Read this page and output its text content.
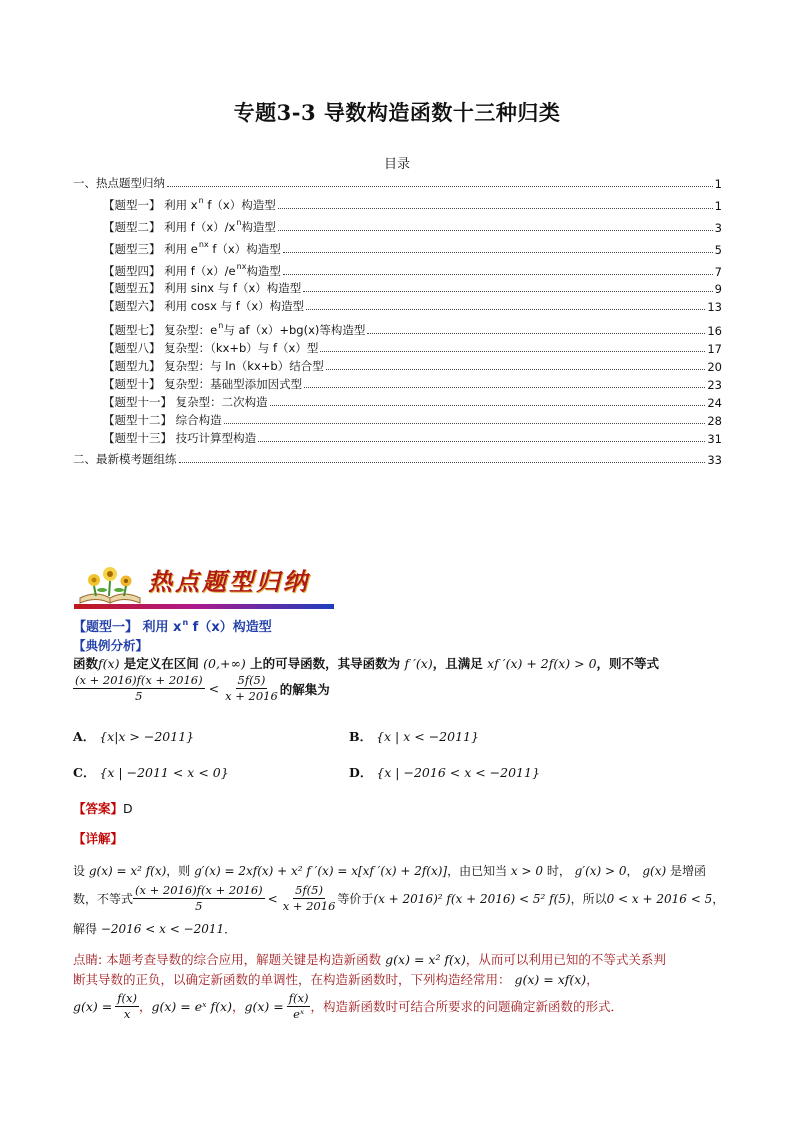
专题3-3 导数构造函数十三种归类
目录
一、热点题型归纳	1
【题型一】 利用 $x^n$ f（x）构造型	1
【题型二】 利用 $f(x)/x^n$构造型	3
【题型三】 利用 $e^{nx}$ f（x）构造型	5
【题型四】 利用 $f(x)/e^{nx}$构造型	7
【题型五】 利用 sinx 与 f（x）构造型	9
【题型六】 利用 cosx 与 f（x）构造型	13
【题型七】 复杂型：$e^n$与 af（x）+bg(x)等构造型	16
【题型八】 复杂型：（kx+b）与 f（x）型	17
【题型九】 复杂型：与 ln（kx+b）结合型	20
【题型十】 复杂型：基础型添加因式型	23
【题型十一】 复杂型：二次构造	24
【题型十二】 综合构造	28
【题型十三】 技巧计算型构造	31
二、最新模考题组练	33
热点题型归纳
【题型一】 利用 $x^n$ f（x）构造型
【典例分析】
函数f(x) 是定义在区间 (0,+∞) 上的可导函数，其导函数为 f ′(x)，且满足 xf ′(x) + 2f(x) > 0，则不等式
$\frac{(x + 2016)f(x + 2016)}{5} < \frac{5f(5)}{x + 2016}$ 的解集为
A． {x|x > −2011}	B． {x | x < −2011}
C． {x | −2011 < x < 0}	D． {x | −2016 < x < −2011}
【答案】D
【详解】
设 g(x) = x² f(x)，则 g′(x) = 2xf(x) + x² f ′(x) = x[xf ′(x) + 2f(x)]，由已知当 x > 0 时， g′(x) > 0， g(x) 是增函
数，不等式 $\frac{(x + 2016)f(x + 2016)}{5} < \frac{5f(5)}{x + 2016}$ 等价于 (x + 2016)² f(x + 2016) < 5² f(5) ，所以 0 < x + 2016 < 5 ，
解得 −2016 < x < −2011．
点睛: 本题考查导数的综合应用，解题关键是构造新函数 g(x) = x² f(x)，从而可以利用已知的不等式关系判
断其导数的正负，以确定新函数的单调性，在构造新函数时，下列构造经常用： g(x) = xf(x)，
$g(x) = \frac{f(x)}{x}$ ， g(x) = eˣ f(x) ， $g(x) = \frac{f(x)}{\text{eˣ}}$ ，构造新函数时可结合所要求的问题确定新函数的形式．
